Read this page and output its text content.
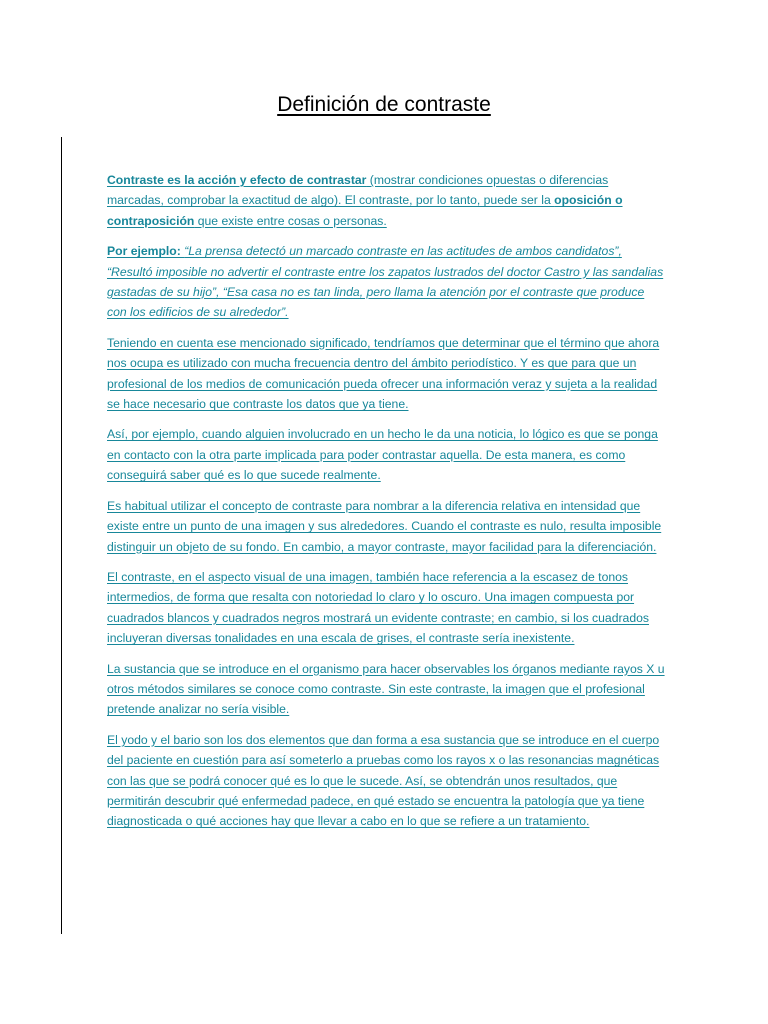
Definición de contraste

Contraste es la acción y efecto de contrastar (mostrar condiciones opuestas o diferencias marcadas, comprobar la exactitud de algo). El contraste, por lo tanto, puede ser la oposición o contraposición que existe entre cosas o personas.

Por ejemplo: “La prensa detectó un marcado contraste en las actitudes de ambos candidatos”, “Resultó imposible no advertir el contraste entre los zapatos lustrados del doctor Castro y las sandalias gastadas de su hijo”, “Esa casa no es tan linda, pero llama la atención por el contraste que produce con los edificios de su alrededor”.

Teniendo en cuenta ese mencionado significado, tendríamos que determinar que el término que ahora nos ocupa es utilizado con mucha frecuencia dentro del ámbito periodístico. Y es que para que un profesional de los medios de comunicación pueda ofrecer una información veraz y sujeta a la realidad se hace necesario que contraste los datos que ya tiene.

Así, por ejemplo, cuando alguien involucrado en un hecho le da una noticia, lo lógico es que se ponga en contacto con la otra parte implicada para poder contrastar aquella. De esta manera, es como conseguirá saber qué es lo que sucede realmente.

Es habitual utilizar el concepto de contraste para nombrar a la diferencia relativa en intensidad que existe entre un punto de una imagen y sus alrededores. Cuando el contraste es nulo, resulta imposible distinguir un objeto de su fondo. En cambio, a mayor contraste, mayor facilidad para la diferenciación.

El contraste, en el aspecto visual de una imagen, también hace referencia a la escasez de tonos intermedios, de forma que resalta con notoriedad lo claro y lo oscuro. Una imagen compuesta por cuadrados blancos y cuadrados negros mostrará un evidente contraste; en cambio, si los cuadrados incluyeran diversas tonalidades en una escala de grises, el contraste sería inexistente.

La sustancia que se introduce en el organismo para hacer observables los órganos mediante rayos X u otros métodos similares se conoce como contraste. Sin este contraste, la imagen que el profesional pretende analizar no sería visible.

El yodo y el bario son los dos elementos que dan forma a esa sustancia que se introduce en el cuerpo del paciente en cuestión para así someterlo a pruebas como los rayos x o las resonancias magnéticas con las que se podrá conocer qué es lo que le sucede. Así, se obtendrán unos resultados, que permitirán descubrir qué enfermedad padece, en qué estado se encuentra la patología que ya tiene diagnosticada o qué acciones hay que llevar a cabo en lo que se refiere a un tratamiento.
